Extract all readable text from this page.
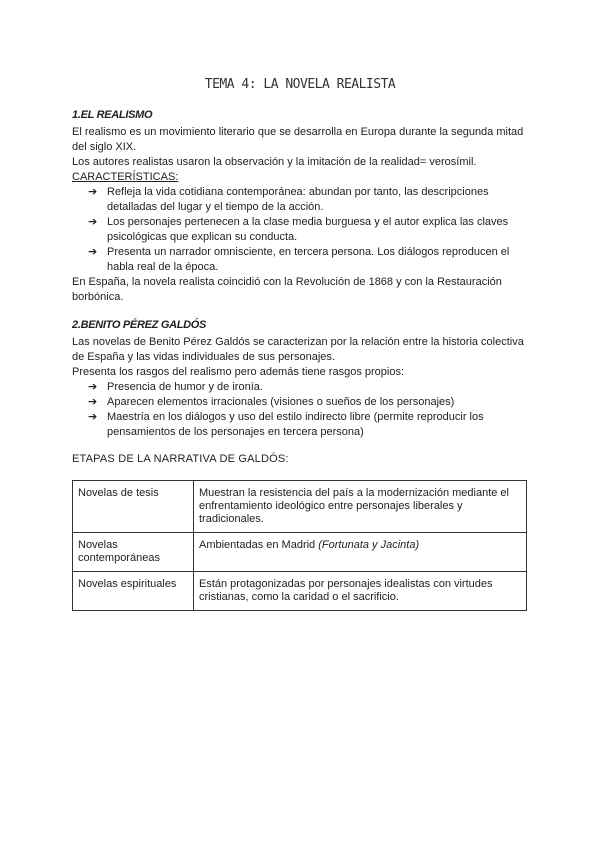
TEMA 4: LA NOVELA REALISTA
1.EL REALISMO

El realismo es un movimiento literario que se desarrolla en Europa durante la segunda mitad del siglo XIX.

Los autores realistas usaron la observación y la imitación de la realidad= verosímil.

CARACTERÍSTICAS:

➔ Refleja la vida cotidiana contemporánea: abundan por tanto, las descripciones detalladas del lugar y el tiempo de la acción.
➔ Los personajes pertenecen a la clase media burguesa y el autor explica las claves psicológicas que explican su conducta.
➔ Presenta un narrador omnisciente, en tercera persona. Los diálogos reproducen el habla real de la época.

En España, la novela realista coincidió con la Revolución de 1868 y con la Restauración borbónica.

2.BENITO PÉREZ GALDÓS

Las novelas de Benito Pérez Galdós se caracterizan por la relación entre la historia colectiva de España y las vidas individuales de sus personajes.

Presenta los rasgos del realismo pero además tiene rasgos propios:

➔ Presencia de humor y de ironía.
➔ Aparecen elementos irracionales (visiones o sueños de los personajes)
➔ Maestría en los diálogos y uso del estilo indirecto libre (permite reproducir los pensamientos de los personajes en tercera persona)
ETAPAS DE LA NARRATIVA DE GALDÓS:
Novelas de tesis	Muestran la resistencia del país a la modernización mediante el enfrentamiento ideológico entre personajes liberales y tradicionales.
Novelas contemporáneas	Ambientadas en Madrid (Fortunata y Jacinta)
Novelas espirituales	Están protagonizadas por personajes idealistas con virtudes cristianas, como la caridad o el sacrificio.
